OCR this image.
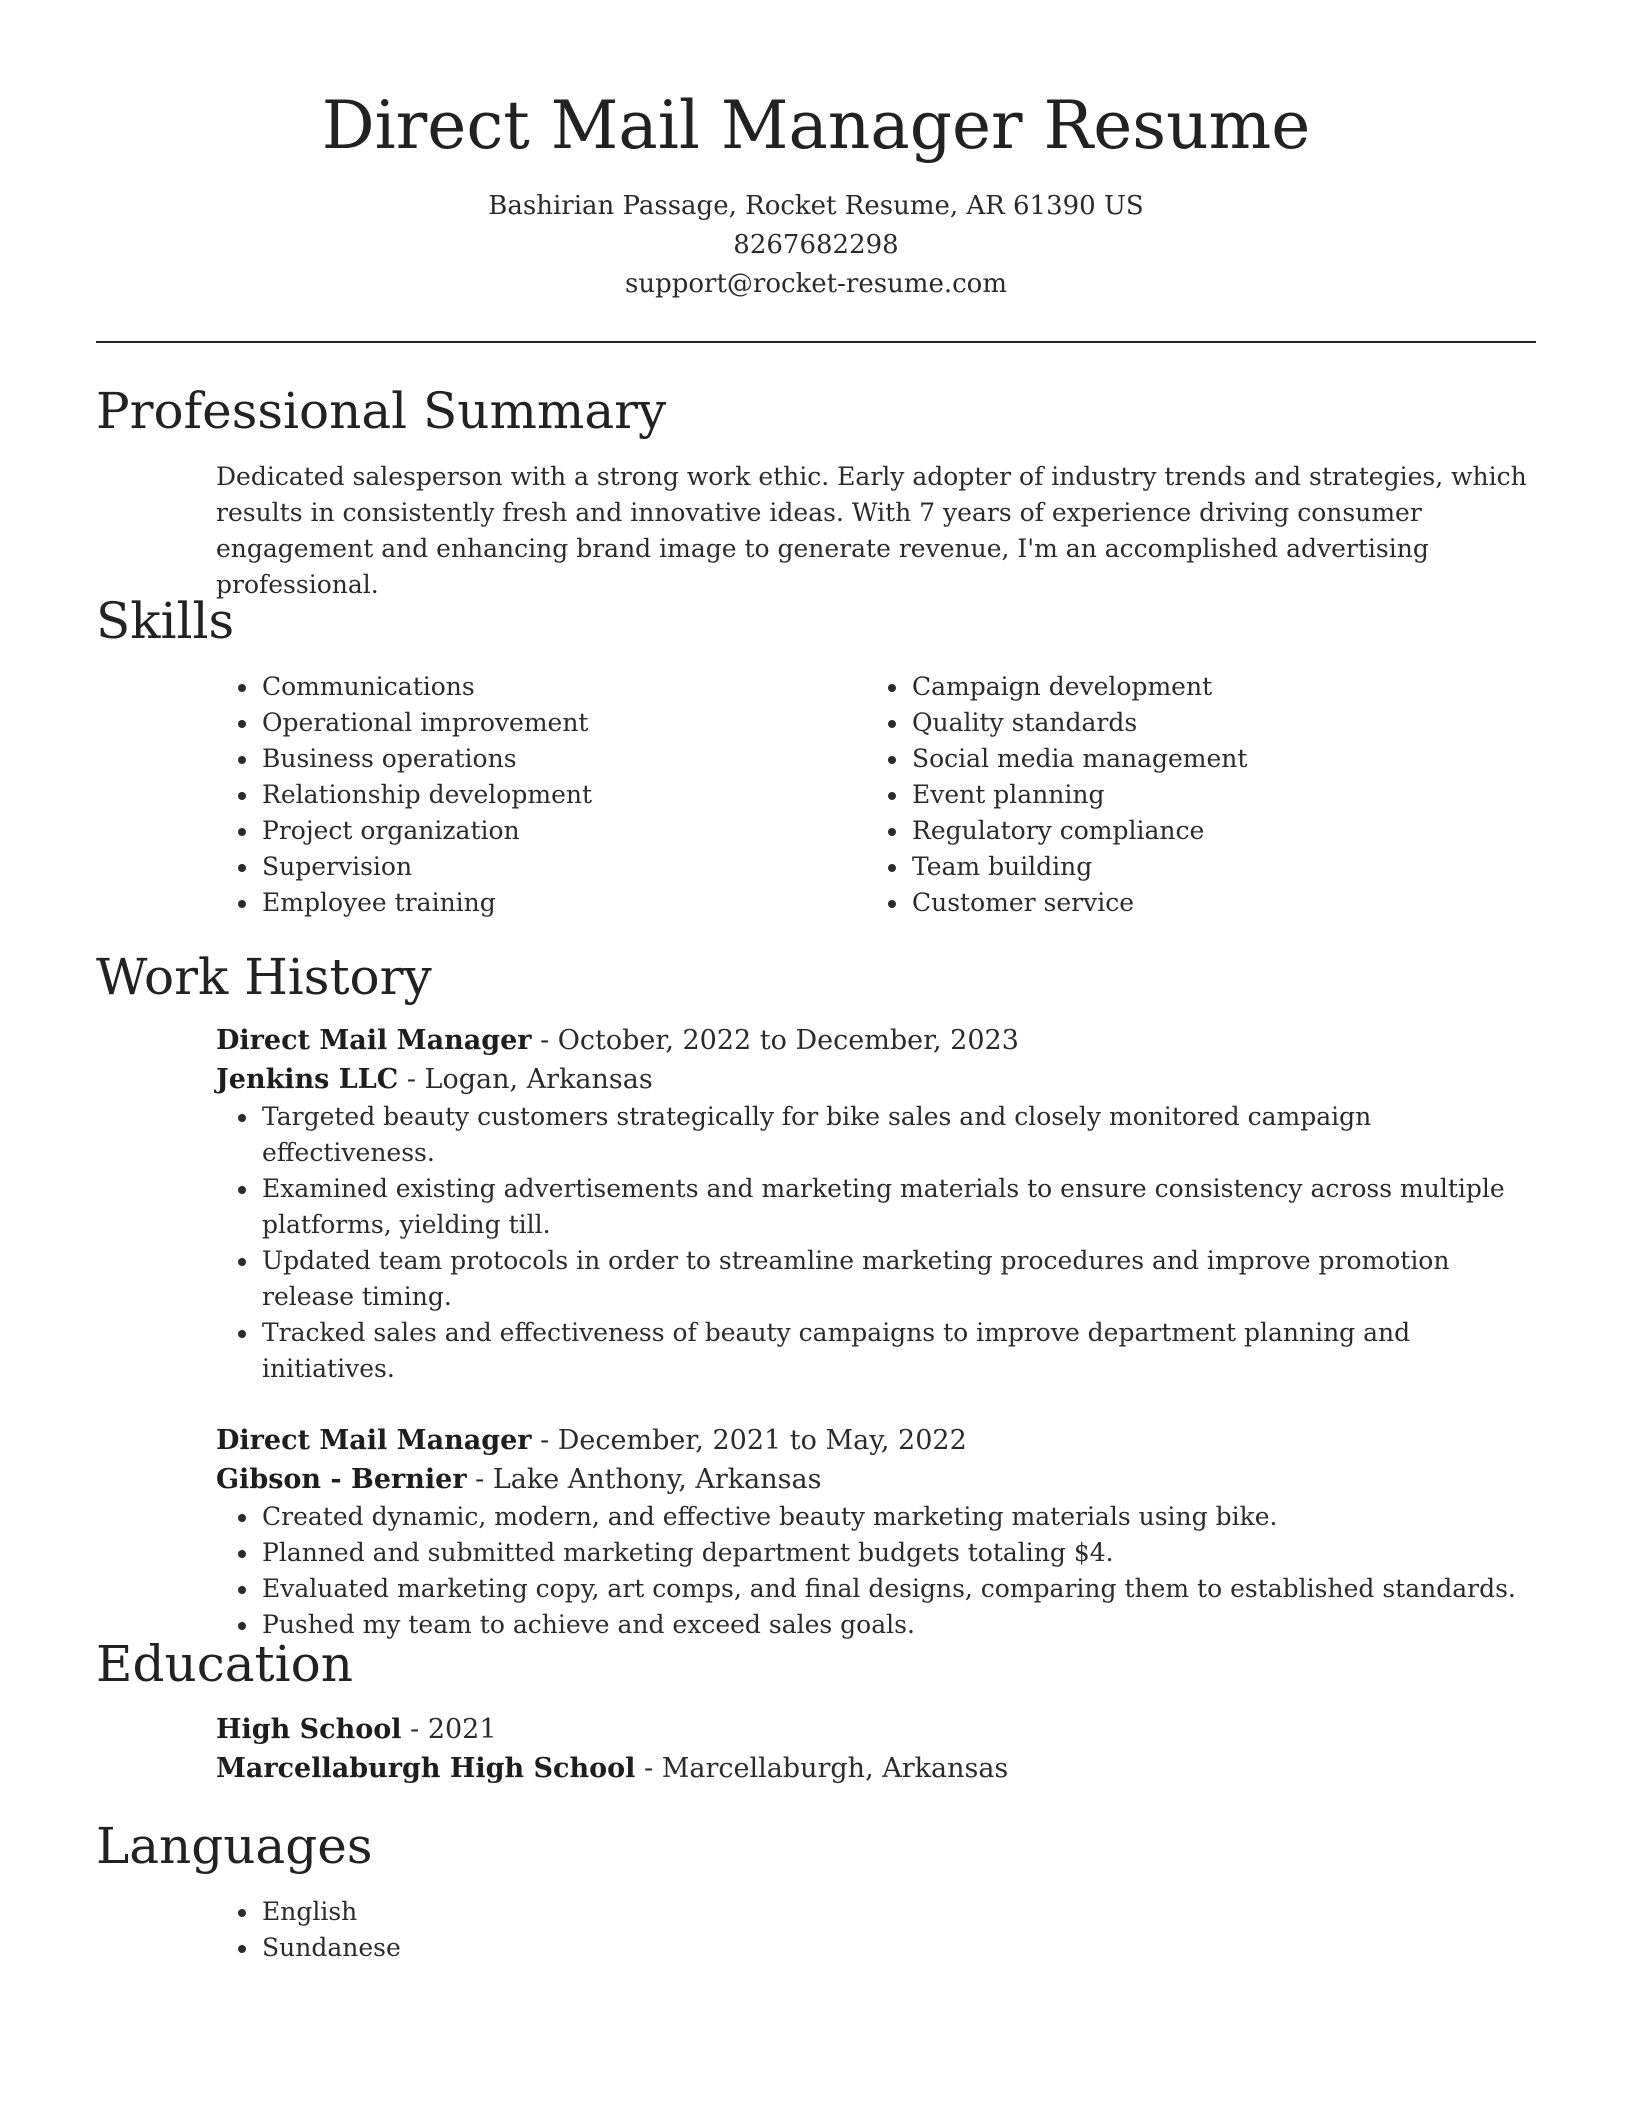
Direct Mail Manager Resume

Bashirian Passage, Rocket Resume, AR 61390 US

8267682298

support@rocket-resume.com

Professional Summary

Dedicated salesperson with a strong work ethic. Early adopter of industry trends and strategies, which results in consistently fresh and innovative ideas. With 7 years of experience driving consumer engagement and enhancing brand image to generate revenue, I'm an accomplished advertising professional.

Skills
• Communications
• Operational improvement
• Business operations
• Relationship development
• Project organization
• Supervision
• Employee training
• Campaign development
• Quality standards
• Social media management
• Event planning
• Regulatory compliance
• Team building
• Customer service
Work History

Direct Mail Manager - October, 2022 to December, 2023

Jenkins LLC - Logan, Arkansas

• Targeted beauty customers strategically for bike sales and closely monitored campaign effectiveness.
• Examined existing advertisements and marketing materials to ensure consistency across multiple platforms, yielding till.
• Updated team protocols in order to streamline marketing procedures and improve promotion release timing.
• Tracked sales and effectiveness of beauty campaigns to improve department planning and initiatives.

Direct Mail Manager - December, 2021 to May, 2022

Gibson - Bernier - Lake Anthony, Arkansas

• Created dynamic, modern, and effective beauty marketing materials using bike.
• Planned and submitted marketing department budgets totaling $4.
• Evaluated marketing copy, art comps, and final designs, comparing them to established standards.
• Pushed my team to achieve and exceed sales goals.
Education

High School - 2021

Marcellaburgh High School - Marcellaburgh, Arkansas

Languages
• English
• Sundanese
